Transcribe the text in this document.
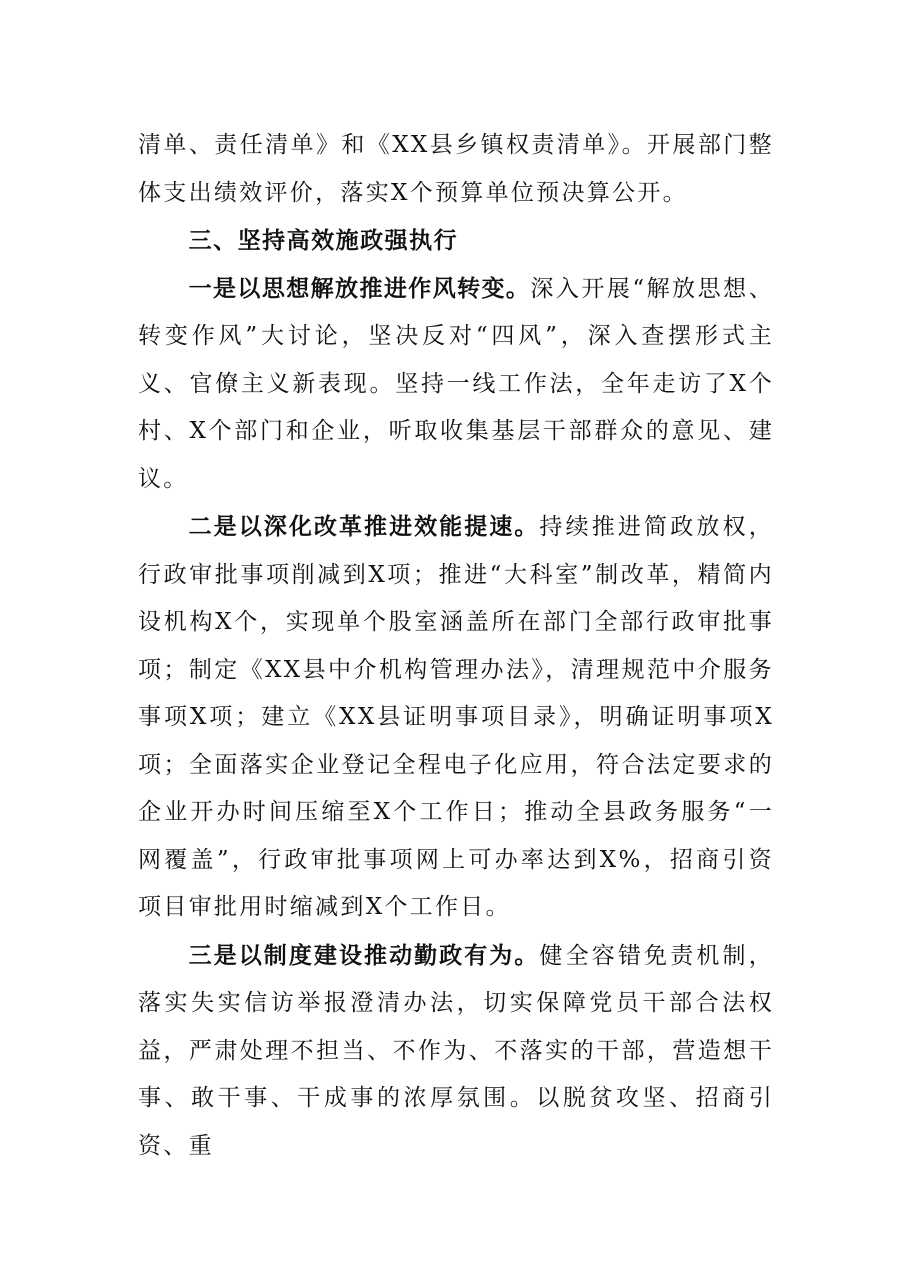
清单、责任清单》和《XX县乡镇权责清单》。开展部门整体支出绩效评价，落实X个预算单位预决算公开。

三、坚持高效施政强执行

一是以思想解放推进作风转变。深入开展“解放思想、转变作风”大讨论，坚决反对“四风”，深入查摆形式主义、官僚主义新表现。坚持一线工作法，全年走访了X个村、X个部门和企业，听取收集基层干部群众的意见、建议。

二是以深化改革推进效能提速。持续推进简政放权，行政审批事项削减到X项；推进“大科室”制改革，精简内设机构X个，实现单个股室涵盖所在部门全部行政审批事项；制定《XX县中介机构管理办法》，清理规范中介服务事项X项；建立《XX县证明事项目录》，明确证明事项X项；全面落实企业登记全程电子化应用，符合法定要求的企业开办时间压缩至X个工作日；推动全县政务服务“一网覆盖”，行政审批事项网上可办率达到X%，招商引资项目审批用时缩减到X个工作日。

三是以制度建设推动勤政有为。健全容错免责机制，落实失实信访举报澄清办法，切实保障党员干部合法权益，严肃处理不担当、不作为、不落实的干部，营造想干事、敢干事、干成事的浓厚氛围。以脱贫攻坚、招商引资、重
